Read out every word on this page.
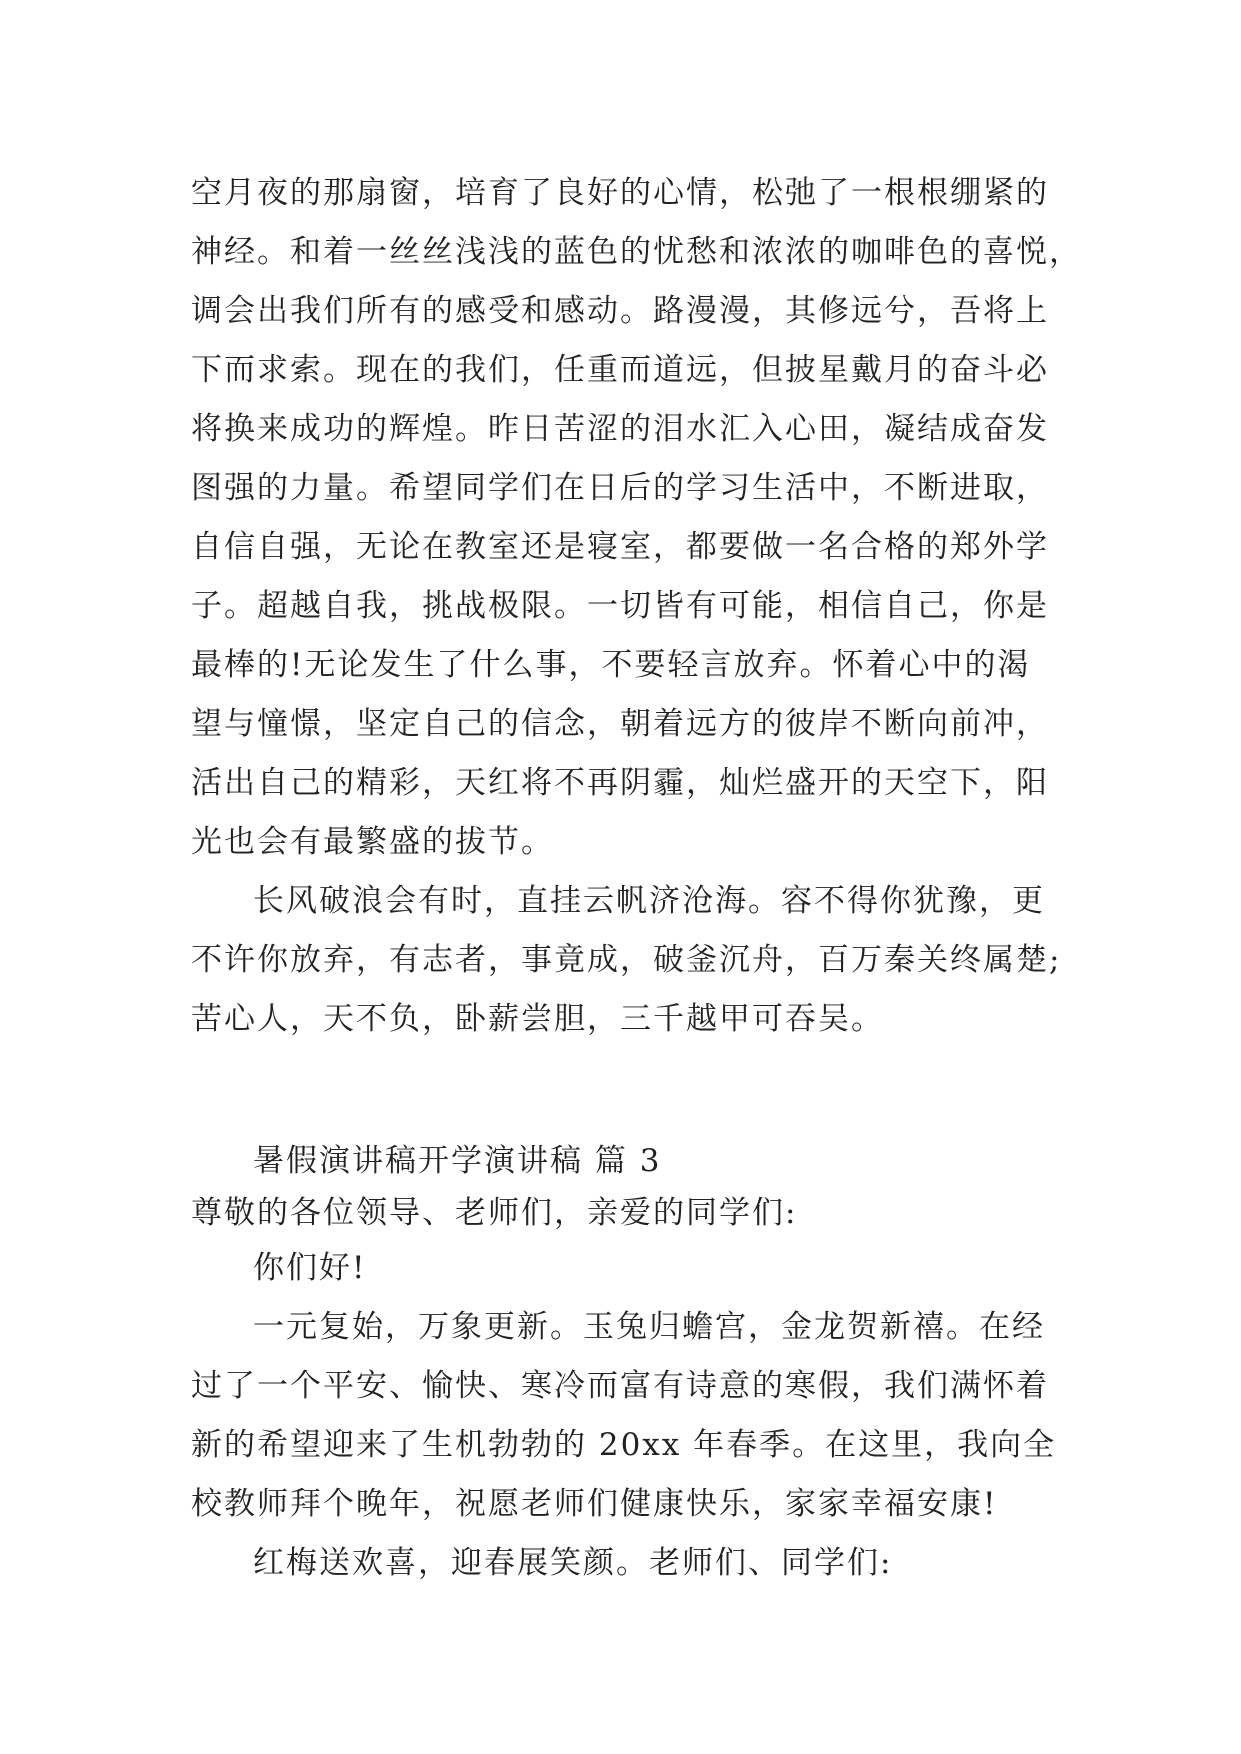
空月夜的那扇窗，培育了良好的心情，松弛了一根根绷紧的

神经。和着一丝丝浅浅的蓝色的忧愁和浓浓的咖啡色的喜悦，

调会出我们所有的感受和感动。路漫漫，其修远兮，吾将上

下而求索。现在的我们，任重而道远，但披星戴月的奋斗必

将换来成功的辉煌。昨日苦涩的泪水汇入心田，凝结成奋发

图强的力量。希望同学们在日后的学习生活中，不断进取，

自信自强，无论在教室还是寝室，都要做一名合格的郑外学

子。超越自我，挑战极限。一切皆有可能，相信自己，你是

最棒的!无论发生了什么事，不要轻言放弃。怀着心中的渴

望与憧憬，坚定自己的信念，朝着远方的彼岸不断向前冲，

活出自己的精彩，天红将不再阴霾，灿烂盛开的天空下，阳

光也会有最繁盛的拔节。

长风破浪会有时，直挂云帆济沧海。容不得你犹豫，更

不许你放弃，有志者，事竟成，破釜沉舟，百万秦关终属楚;

苦心人，天不负，卧薪尝胆，三千越甲可吞吴。

暑假演讲稿开学演讲稿 篇 3

尊敬的各位领导、老师们，亲爱的同学们:

你们好!

一元复始，万象更新。玉兔归蟾宫，金龙贺新禧。在经

过了一个平安、愉快、寒冷而富有诗意的寒假，我们满怀着

新的希望迎来了生机勃勃的 20xx 年春季。在这里，我向全

校教师拜个晚年，祝愿老师们健康快乐，家家幸福安康!

红梅送欢喜，迎春展笑颜。老师们、同学们:
